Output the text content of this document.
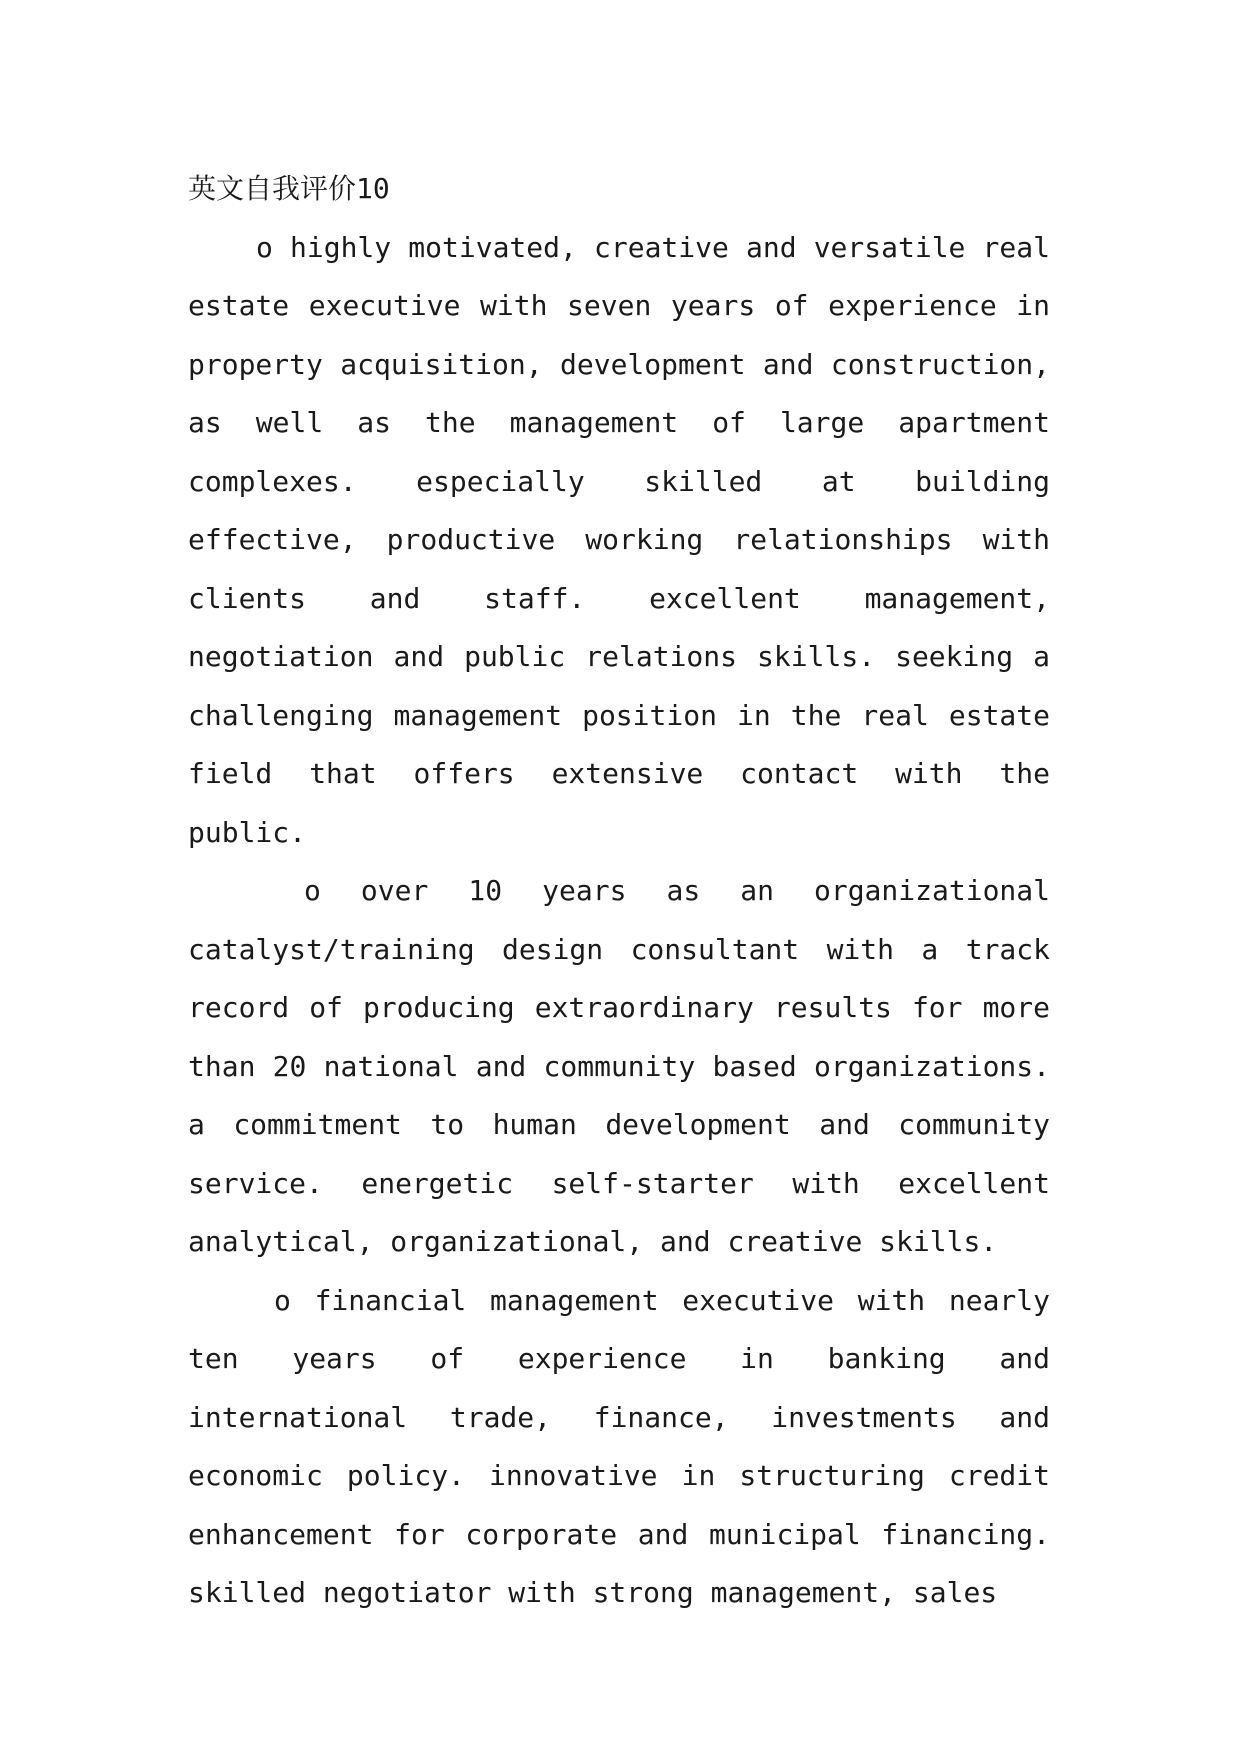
英文自我评价10

o highly motivated, creative and versatile real estate executive with seven years of experience in property acquisition, development and construction, as well as the management of large apartment complexes. especially skilled at building effective, productive working relationships with clients and staff. excellent management, negotiation and public relations skills. seeking a challenging management position in the real estate field that offers extensive contact with the public.

o over 10 years as an organizational catalyst/training design consultant with a track record of producing extraordinary results for more than 20 national and community based organizations. a commitment to human development and community service. energetic self-starter with excellent analytical, organizational, and creative skills.

o financial management executive with nearly ten years of experience in banking and international trade, finance, investments and economic policy. innovative in structuring credit enhancement for corporate and municipal financing. skilled negotiator with strong management, sales
